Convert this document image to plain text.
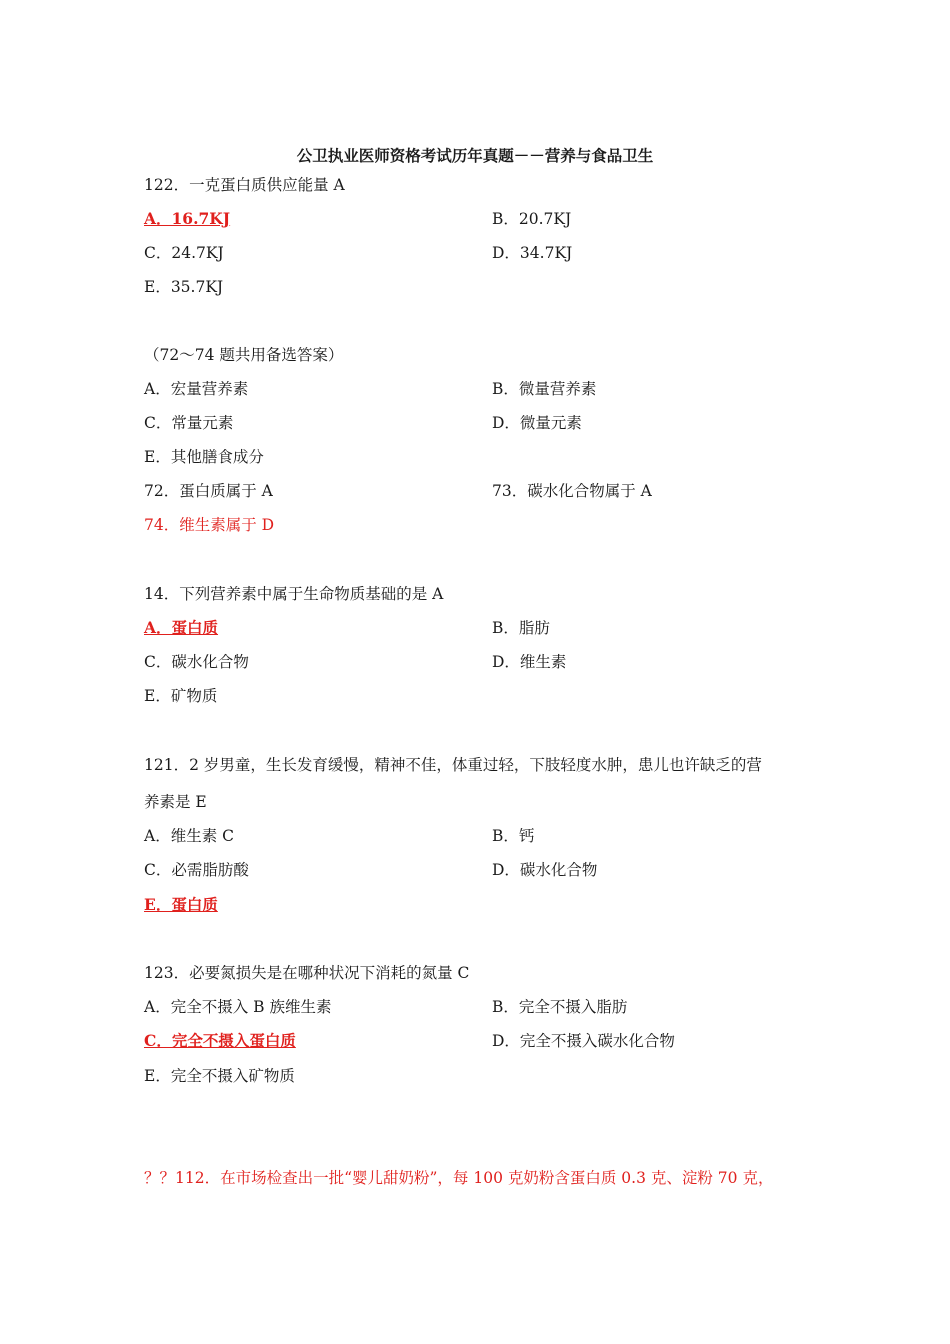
公卫执业医师资格考试历年真题－－营养与食品卫生
122．一克蛋白质供应能量 A
A．16.7KJ	B．20.7KJ
C．24.7KJ	D．34.7KJ
E．35.7KJ
（72～74 题共用备选答案）
A．宏量营养素	B．微量营养素
C．常量元素	D．微量元素
E．其他膳食成分
72．蛋白质属于 A	73．碳水化合物属于 A
74．维生素属于 D
14．下列营养素中属于生命物质基础的是 A
A．蛋白质	B．脂肪
C．碳水化合物	D．维生素
E．矿物质
121．2 岁男童，生长发育缓慢，精神不佳，体重过轻，下肢轻度水肿，患儿也许缺乏的营
养素是 E
A．维生素 C	B．钙
C．必需脂肪酸	D．碳水化合物
E．蛋白质
123．必要氮损失是在哪种状况下消耗的氮量 C
A．完全不摄入 B 族维生素	B．完全不摄入脂肪
C．完全不摄入蛋白质	D．完全不摄入碳水化合物
E．完全不摄入矿物质
？？112．在市场检查出一批“婴儿甜奶粉”，每 100 克奶粉含蛋白质 0.3 克、淀粉 70 克，
